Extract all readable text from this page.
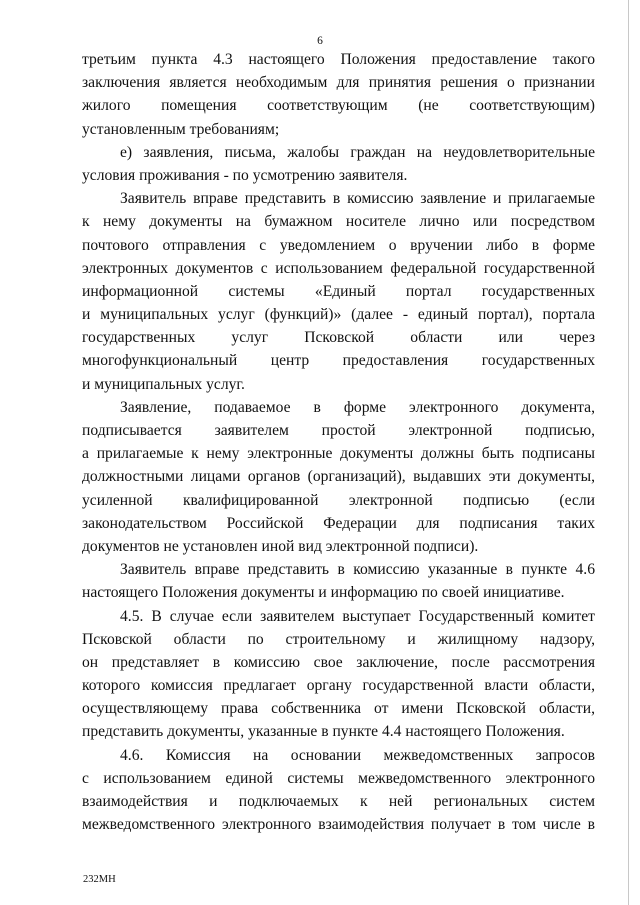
6
третьим пункта 4.3 настоящего Положения предоставление такого
заключения является необходимым для принятия решения о признании
жилого помещения соответствующим (не соответствующим)
установленным требованиям;
е) заявления, письма, жалобы граждан на неудовлетворительные
условия проживания - по усмотрению заявителя.
Заявитель вправе представить в комиссию заявление и прилагаемые
к нему документы на бумажном носителе лично или посредством
почтового отправления с уведомлением о вручении либо в форме
электронных документов с использованием федеральной государственной
информационной системы «Единый портал государственных
и муниципальных услуг (функций)» (далее - единый портал), портала
государственных услуг Псковской области или через
многофункциональный центр предоставления государственных
и муниципальных услуг.
Заявление, подаваемое в форме электронного документа,
подписывается заявителем простой электронной подписью,
а прилагаемые к нему электронные документы должны быть подписаны
должностными лицами органов (организаций), выдавших эти документы,
усиленной квалифицированной электронной подписью (если
законодательством Российской Федерации для подписания таких
документов не установлен иной вид электронной подписи).
Заявитель вправе представить в комиссию указанные в пункте 4.6
настоящего Положения документы и информацию по своей инициативе.
4.5. В случае если заявителем выступает Государственный комитет
Псковской области по строительному и жилищному надзору,
он представляет в комиссию свое заключение, после рассмотрения
которого комиссия предлагает органу государственной власти области,
осуществляющему права собственника от имени Псковской области,
представить документы, указанные в пункте 4.4 настоящего Положения.
4.6. Комиссия на основании межведомственных запросов
с использованием единой системы межведомственного электронного
взаимодействия и подключаемых к ней региональных систем
межведомственного электронного взаимодействия получает в том числе в
232МН
